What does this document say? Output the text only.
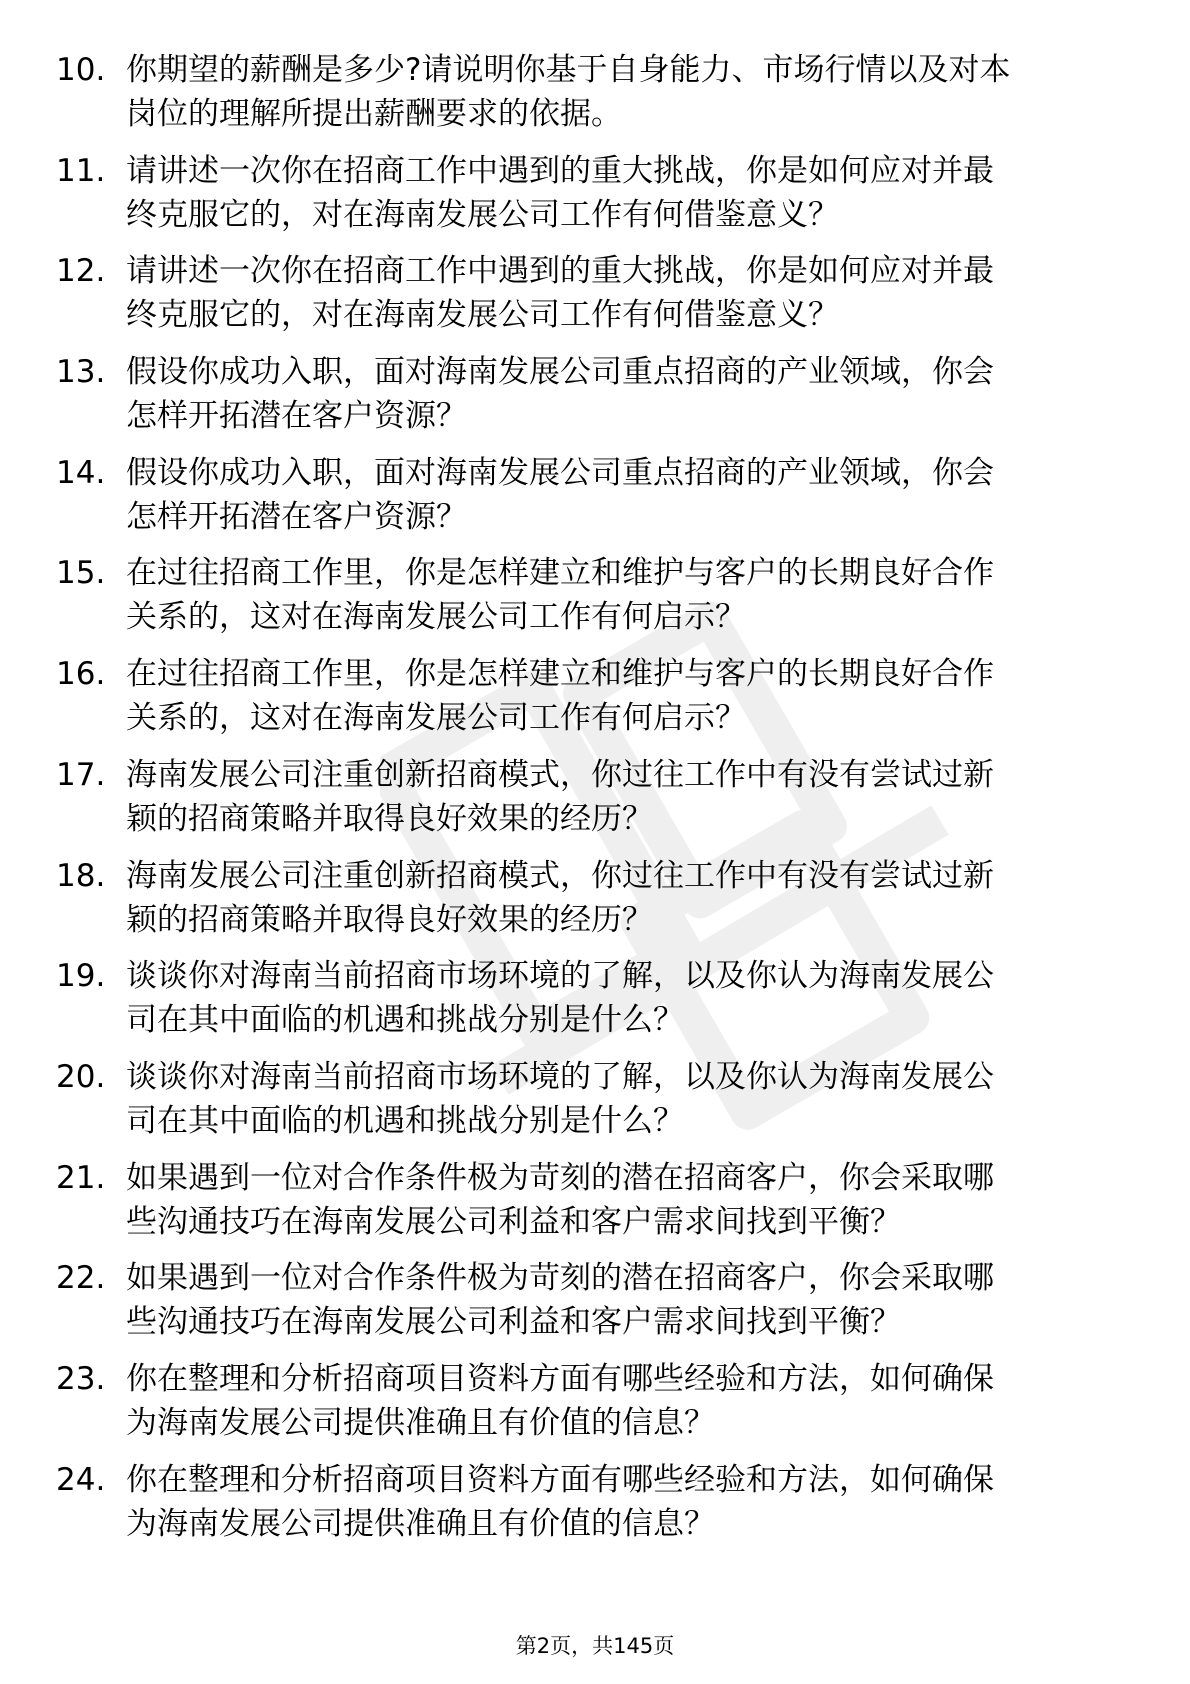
10. 你期望的薪酬是多少?请说明你基于自身能力、市场行情以及对本
岗位的理解所提出薪酬要求的依据。
11. 请讲述一次你在招商工作中遇到的重大挑战，你是如何应对并最
终克服它的，对在海南发展公司工作有何借鉴意义？
12. 请讲述一次你在招商工作中遇到的重大挑战，你是如何应对并最
终克服它的，对在海南发展公司工作有何借鉴意义？
13. 假设你成功入职，面对海南发展公司重点招商的产业领域，你会
怎样开拓潜在客户资源？
14. 假设你成功入职，面对海南发展公司重点招商的产业领域，你会
怎样开拓潜在客户资源？
15. 在过往招商工作里，你是怎样建立和维护与客户的长期良好合作
关系的，这对在海南发展公司工作有何启示？
16. 在过往招商工作里，你是怎样建立和维护与客户的长期良好合作
关系的，这对在海南发展公司工作有何启示？
17. 海南发展公司注重创新招商模式，你过往工作中有没有尝试过新
颖的招商策略并取得良好效果的经历？
18. 海南发展公司注重创新招商模式，你过往工作中有没有尝试过新
颖的招商策略并取得良好效果的经历？
19. 谈谈你对海南当前招商市场环境的了解，以及你认为海南发展公
司在其中面临的机遇和挑战分别是什么？
20. 谈谈你对海南当前招商市场环境的了解，以及你认为海南发展公
司在其中面临的机遇和挑战分别是什么？
21. 如果遇到一位对合作条件极为苛刻的潜在招商客户，你会采取哪
些沟通技巧在海南发展公司利益和客户需求间找到平衡？
22. 如果遇到一位对合作条件极为苛刻的潜在招商客户，你会采取哪
些沟通技巧在海南发展公司利益和客户需求间找到平衡？
23. 你在整理和分析招商项目资料方面有哪些经验和方法，如何确保
为海南发展公司提供准确且有价值的信息？
24. 你在整理和分析招商项目资料方面有哪些经验和方法，如何确保
为海南发展公司提供准确且有价值的信息？
第2页，共145页
